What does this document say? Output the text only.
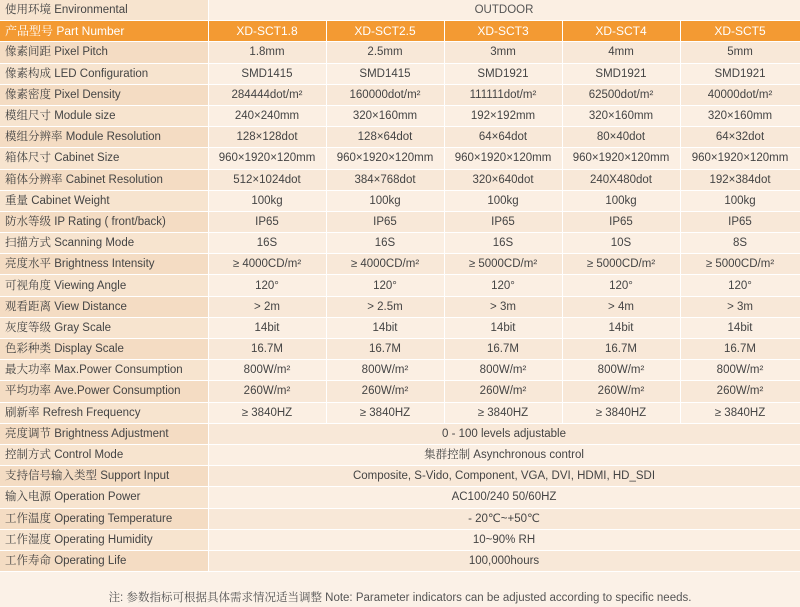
使用环境 Environmental	OUTDOOR				
产品型号 Part Number	XD-SCT1.8	XD-SCT2.5	XD-SCT3	XD-SCT4	XD-SCT5
像素间距 Pixel Pitch	1.8mm	2.5mm	3mm	4mm	5mm
像素构成 LED Configuration	SMD1415	SMD1415	SMD1921	SMD1921	SMD1921
像素密度 Pixel Density	284444dot/m²	160000dot/m²	111111dot/m²	62500dot/m²	40000dot/m²
模组尺寸 Module size	240×240mm	320×160mm	192×192mm	320×160mm	320×160mm
模组分辨率 Module Resolution	128×128dot	128×64dot	64×64dot	80×40dot	64×32dot
箱体尺寸 Cabinet Size	960×1920×120mm	960×1920×120mm	960×1920×120mm	960×1920×120mm	960×1920×120mm
箱体分辨率 Cabinet Resolution	512×1024dot	384×768dot	320×640dot	240X480dot	192×384dot
重量 Cabinet Weight	100kg	100kg	100kg	100kg	100kg
防水等级 IP Rating ( front/back)	IP65	IP65	IP65	IP65	IP65
扫描方式 Scanning Mode	16S	16S	16S	10S	8S
亮度水平 Brightness Intensity	≥ 4000CD/m²	≥ 4000CD/m²	≥ 5000CD/m²	≥ 5000CD/m²	≥ 5000CD/m²
可视角度 Viewing Angle	120°	120°	120°	120°	120°
观看距离 View Distance	> 2m	> 2.5m	> 3m	> 4m	> 3m
灰度等级 Gray Scale	14bit	14bit	14bit	14bit	14bit
色彩种类 Display Scale	16.7M	16.7M	16.7M	16.7M	16.7M
最大功率 Max.Power Consumption	800W/m²	800W/m²	800W/m²	800W/m²	800W/m²
平均功率 Ave.Power Consumption	260W/m²	260W/m²	260W/m²	260W/m²	260W/m²
刷新率 Refresh Frequency	≥ 3840HZ	≥ 3840HZ	≥ 3840HZ	≥ 3840HZ	≥ 3840HZ
亮度调节 Brightness Adjustment	0 - 100 levels adjustable				
控制方式 Control Mode	集群控制 Asynchronous control				
支持信号输入类型 Support Input	Composite, S-Vido, Component, VGA, DVI, HDMI, HD_SDI				
输入电源 Operation Power	AC100/240 50/60HZ				
工作温度 Operating Temperature	- 20℃~+50℃				
工作湿度 Operating Humidity	10~90% RH				
工作寿命 Operating Life	100,000hours				
注: 参数指标可根据具体需求情况适当调整 Note: Parameter indicators can be adjusted according to specific needs.
